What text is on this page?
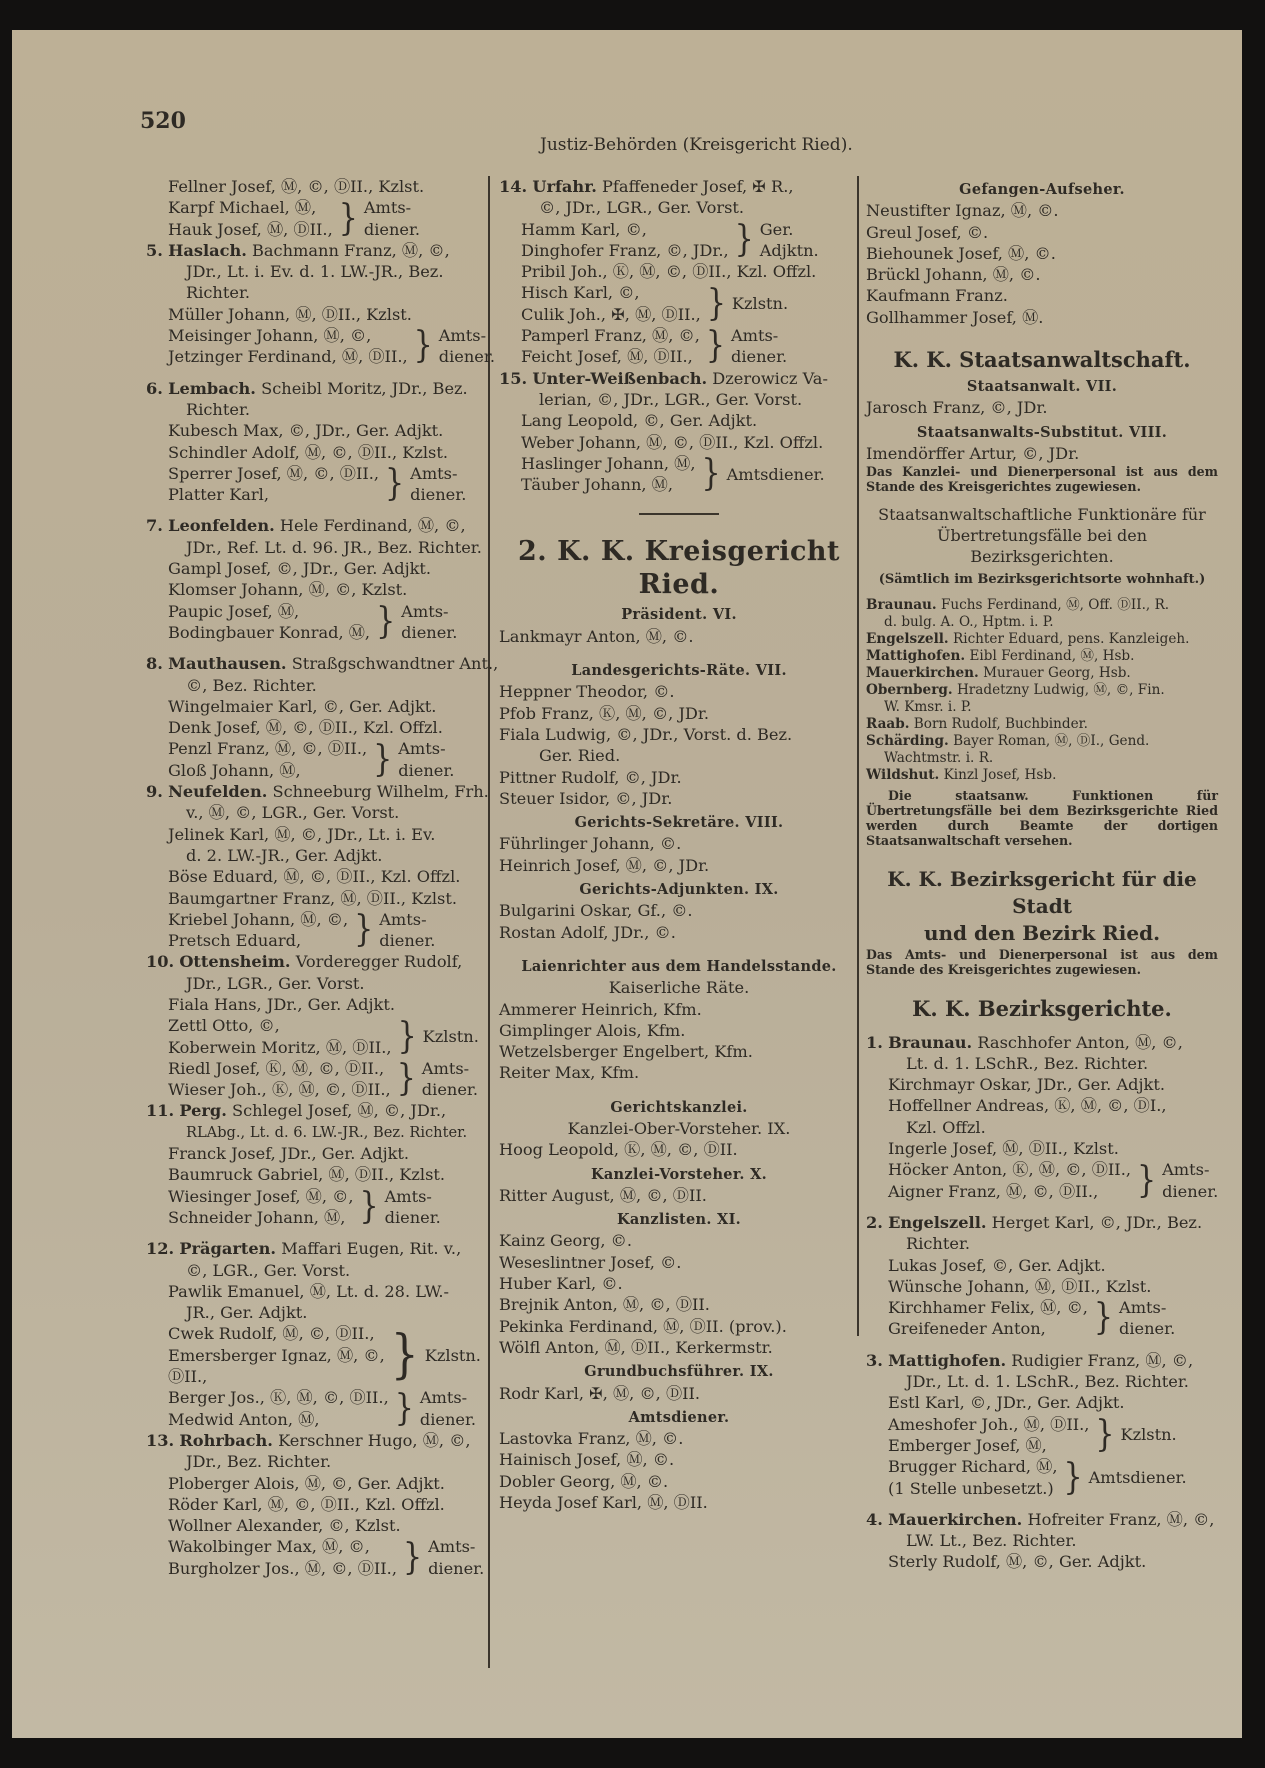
520
Justiz-Behörden (Kreisgericht Ried).
Fellner Josef, Ⓜ, ©, ⒹII., Kzlst.
Karpf Michael, Ⓜ,
Hauk Josef, Ⓜ, ⒹII., } Amts-
diener.
5. Haslach. Bachmann Franz, Ⓜ, ©,
JDr., Lt. i. Ev. d. 1. LW.-JR., Bez.
Richter.
Müller Johann, Ⓜ, ⒹII., Kzlst.
Meisinger Johann, Ⓜ, ©,
Jetzinger Ferdinand, Ⓜ, ⒹII., } Amts-
diener.
6. Lembach. Scheibl Moritz, JDr., Bez.
Richter.
Kubesch Max, ©, JDr., Ger. Adjkt.
Schindler Adolf, Ⓜ, ©, ⒹII., Kzlst.
Sperrer Josef, Ⓜ, ©, ⒹII.,
Platter Karl,	} Amts-
diener.
7. Leonfelden. Hele Ferdinand, Ⓜ, ©,
JDr., Ref. Lt. d. 96. JR., Bez. Richter.
Gampl Josef, ©, JDr., Ger. Adjkt.
Klomser Johann, Ⓜ, ©, Kzlst.
Paupic Josef, Ⓜ,
Bodingbauer Konrad, Ⓜ, } Amts-
diener.
8. Mauthausen. Straßgschwandtner Ant.,
©, Bez. Richter.
Wingelmaier Karl, ©, Ger. Adjkt.
Denk Josef, Ⓜ, ©, ⒹII., Kzl. Offzl.
Penzl Franz, Ⓜ, ©, ⒹII.,
Gloß Johann, Ⓜ,	} Amts-
diener.
9. Neufelden. Schneeburg Wilhelm, Frh.
v., Ⓜ, ©, LGR., Ger. Vorst.
Jelinek Karl, Ⓜ, ©, JDr., Lt. i. Ev.
d. 2. LW.-JR., Ger. Adjkt.
Böse Eduard, Ⓜ, ©, ⒹII., Kzl. Offzl.
Baumgartner Franz, Ⓜ, ⒹII., Kzlst.
Kriebel Johann, Ⓜ, ©,
Pretsch Eduard,	} Amts-
diener.
10. Ottensheim. Vorderegger Rudolf,
JDr., LGR., Ger. Vorst.
Fiala Hans, JDr., Ger. Adjkt.
Zettl Otto, ©,
Koberwein Moritz, Ⓜ, ⒹII., } Kzlstn.
Riedl Josef, Ⓚ, Ⓜ, ©, ⒹII.,
Wieser Joh., Ⓚ, Ⓜ, ©, ⒹII., } Amts-
diener.
11. Perg. Schlegel Josef, Ⓜ, ©, JDr.,
RLAbg., Lt. d. 6. LW.-JR., Bez. Richter.
Franck Josef, JDr., Ger. Adjkt.
Baumruck Gabriel, Ⓜ, ⒹII., Kzlst.
Wiesinger Josef, Ⓜ, ©,
Schneider Johann, Ⓜ, } Amts-
diener.
12. Prägarten. Maffari Eugen, Rit. v.,
©, LGR., Ger. Vorst.
Pawlik Emanuel, Ⓜ, Lt. d. 28. LW.-
JR., Ger. Adjkt.
Cwek Rudolf, Ⓜ, ©, ⒹII.,
Emersberger Ignaz, Ⓜ, ©,
ⒹII.,	} Kzlstn.
Berger Jos., Ⓚ, Ⓜ, ©, ⒹII.,
Medwid Anton, Ⓜ,	} Amts-
diener.
13. Rohrbach. Kerschner Hugo, Ⓜ, ©,
JDr., Bez. Richter.
Ploberger Alois, Ⓜ, ©, Ger. Adjkt.
Röder Karl, Ⓜ, ©, ⒹII., Kzl. Offzl.
Wollner Alexander, ©, Kzlst.
Wakolbinger Max, Ⓜ, ©,
Burgholzer Jos., Ⓜ, ©, ⒹII., } Amts-
diener.
14. Urfahr. Pfaffeneder Josef, ✠ R.,
©, JDr., LGR., Ger. Vorst.
Hamm Karl, ©,
Dinghofer Franz, ©, JDr., } Ger.
Adjktn.
Pribil Joh., Ⓚ, Ⓜ, ©, ⒹII., Kzl. Offzl.
Hisch Karl, ©,
Culik Joh., ✠, Ⓜ, ⒹII., } Kzlstn.
Pamperl Franz, Ⓜ, ©,
Feicht Josef, Ⓜ, ⒹII., } Amts-
diener.
15. Unter-Weißenbach. Dzerowicz Va-
lerian, ©, JDr., LGR., Ger. Vorst.
Lang Leopold, ©, Ger. Adjkt.
Weber Johann, Ⓜ, ©, ⒹII., Kzl. Offzl.
Haslinger Johann, Ⓜ,
Täuber Johann, Ⓜ, } Amtsdiener.
2. K. K. Kreisgericht
Ried.
Präsident. VI.
Lankmayr Anton, Ⓜ, ©.
Landesgerichts-Räte. VII.
Heppner Theodor, ©.
Pfob Franz, Ⓚ, Ⓜ, ©, JDr.
Fiala Ludwig, ©, JDr., Vorst. d. Bez.
Ger. Ried.
Pittner Rudolf, ©, JDr.
Steuer Isidor, ©, JDr.
Gerichts-Sekretäre. VIII.
Führlinger Johann, ©.
Heinrich Josef, Ⓜ, ©, JDr.
Gerichts-Adjunkten. IX.
Bulgarini Oskar, Gf., ©.
Rostan Adolf, JDr., ©.
Laienrichter aus dem Handelsstande.
Kaiserliche Räte.
Ammerer Heinrich, Kfm.
Gimplinger Alois, Kfm.
Wetzelsberger Engelbert, Kfm.
Reiter Max, Kfm.
Gerichtskanzlei.
Kanzlei-Ober-Vorsteher. IX.
Hoog Leopold, Ⓚ, Ⓜ, ©, ⒹII.
Kanzlei-Vorsteher. X.
Ritter August, Ⓜ, ©, ⒹII.
Kanzlisten. XI.
Kainz Georg, ©.
Weseslintner Josef, ©.
Huber Karl, ©.
Brejnik Anton, Ⓜ, ©, ⒹII.
Pekinka Ferdinand, Ⓜ, ⒹII. (prov.).
Wölfl Anton, Ⓜ, ⒹII., Kerkermstr.
Grundbuchsführer. IX.
Rodr Karl, ✠, Ⓜ, ©, ⒹII.
Amtsdiener.
Lastovka Franz, Ⓜ, ©.
Hainisch Josef, Ⓜ, ©.
Dobler Georg, Ⓜ, ©.
Heyda Josef Karl, Ⓜ, ⒹII.
Gefangen-Aufseher.
Neustifter Ignaz, Ⓜ, ©.
Greul Josef, ©.
Biehounek Josef, Ⓜ, ©.
Brückl Johann, Ⓜ, ©.
Kaufmann Franz.
Gollhammer Josef, Ⓜ.
K. K. Staatsanwaltschaft.
Staatsanwalt. VII.
Jarosch Franz, ©, JDr.
Staatsanwalts-Substitut. VIII.
Imendörffer Artur, ©, JDr.
Das Kanzlei- und Dienerpersonal ist aus dem Stande des Kreisgerichtes zugewiesen.
Staatsanwaltschaftliche Funktionäre für Übertretungsfälle bei den Bezirksgerichten.
(Sämtlich im Bezirksgerichtsorte wohnhaft.)
Braunau. Fuchs Ferdinand, Ⓜ, Off. ⒹII., R.
d. bulg. A. O., Hptm. i. P.
Engelszell. Richter Eduard, pens. Kanzleigeh.
Mattighofen. Eibl Ferdinand, Ⓜ, Hsb.
Mauerkirchen. Murauer Georg, Hsb.
Obernberg. Hradetzny Ludwig, Ⓜ, ©, Fin.
W. Kmsr. i. P.
Raab. Born Rudolf, Buchbinder.
Schärding. Bayer Roman, Ⓜ, ⒹI., Gend.
Wachtmstr. i. R.
Wildshut. Kinzl Josef, Hsb.
Die staatsanw. Funktionen für Übertretungsfälle bei dem Bezirksgerichte Ried werden durch Beamte der dortigen Staatsanwaltschaft versehen.
K. K. Bezirksgericht für die Stadt
und den Bezirk Ried.
Das Amts- und Dienerpersonal ist aus dem Stande des Kreisgerichtes zugewiesen.
K. K. Bezirksgerichte.
1. Braunau. Raschhofer Anton, Ⓜ, ©,
Lt. d. 1. LSchR., Bez. Richter.
Kirchmayr Oskar, JDr., Ger. Adjkt.
Hoffellner Andreas, Ⓚ, Ⓜ, ©, ⒹI.,
Kzl. Offzl.
Ingerle Josef, Ⓜ, ⒹII., Kzlst.
Höcker Anton, Ⓚ, Ⓜ, ©, ⒹII.,
Aigner Franz, Ⓜ, ©, ⒹII.,	} Amts-
diener.
2. Engelszell. Herget Karl, ©, JDr., Bez.
Richter.
Lukas Josef, ©, Ger. Adjkt.
Wünsche Johann, Ⓜ, ⒹII., Kzlst.
Kirchhamer Felix, Ⓜ, ©,
Greifeneder Anton,	} Amts-
diener.
3. Mattighofen. Rudigier Franz, Ⓜ, ©,
JDr., Lt. d. 1. LSchR., Bez. Richter.
Estl Karl, ©, JDr., Ger. Adjkt.
Ameshofer Joh., Ⓜ, ⒹII.,
Emberger Josef, Ⓜ,	} Kzlstn.
Brugger Richard, Ⓜ,
(1 Stelle unbesetzt.) } Amtsdiener.
4. Mauerkirchen. Hofreiter Franz, Ⓜ, ©,
LW. Lt., Bez. Richter.
Sterly Rudolf, Ⓜ, ©, Ger. Adjkt.
